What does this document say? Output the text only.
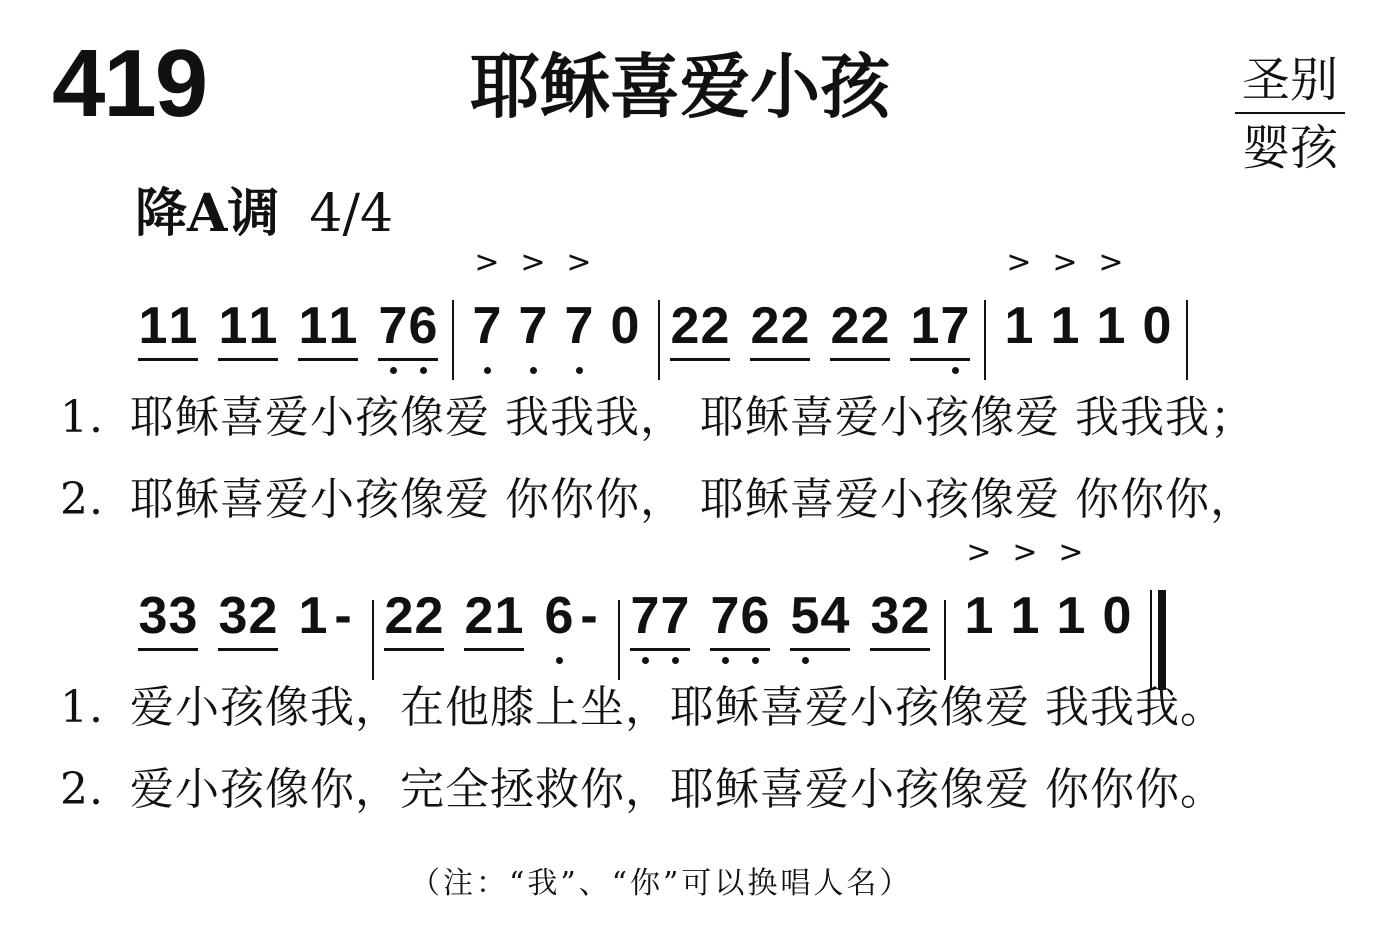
419	耶稣喜爱小孩	圣别
婴孩
降A调 4/4
1 1 1 1 1 1 7 6
>
7
>
7
>
7 0 2 2 2 2 2 2 1 7
>
1
>
1
>
1 0
1. 耶稣喜爱小孩像爱 我我我， 耶稣喜爱小孩像爱 我我我；
2. 耶稣喜爱小孩像爱 你你你， 耶稣喜爱小孩像爱 你你你，
3 3 3 2 1 - 2 2 2 1 6 - 7 7 7 6 5 4 3 2
>
1
>
1
>
1 0
1. 爱小孩像我，在他膝上坐，耶稣喜爱小孩像爱 我我我。
2. 爱小孩像你，完全拯救你，耶稣喜爱小孩像爱 你你你。
（注：“我”、“你”可以换唱人名）
